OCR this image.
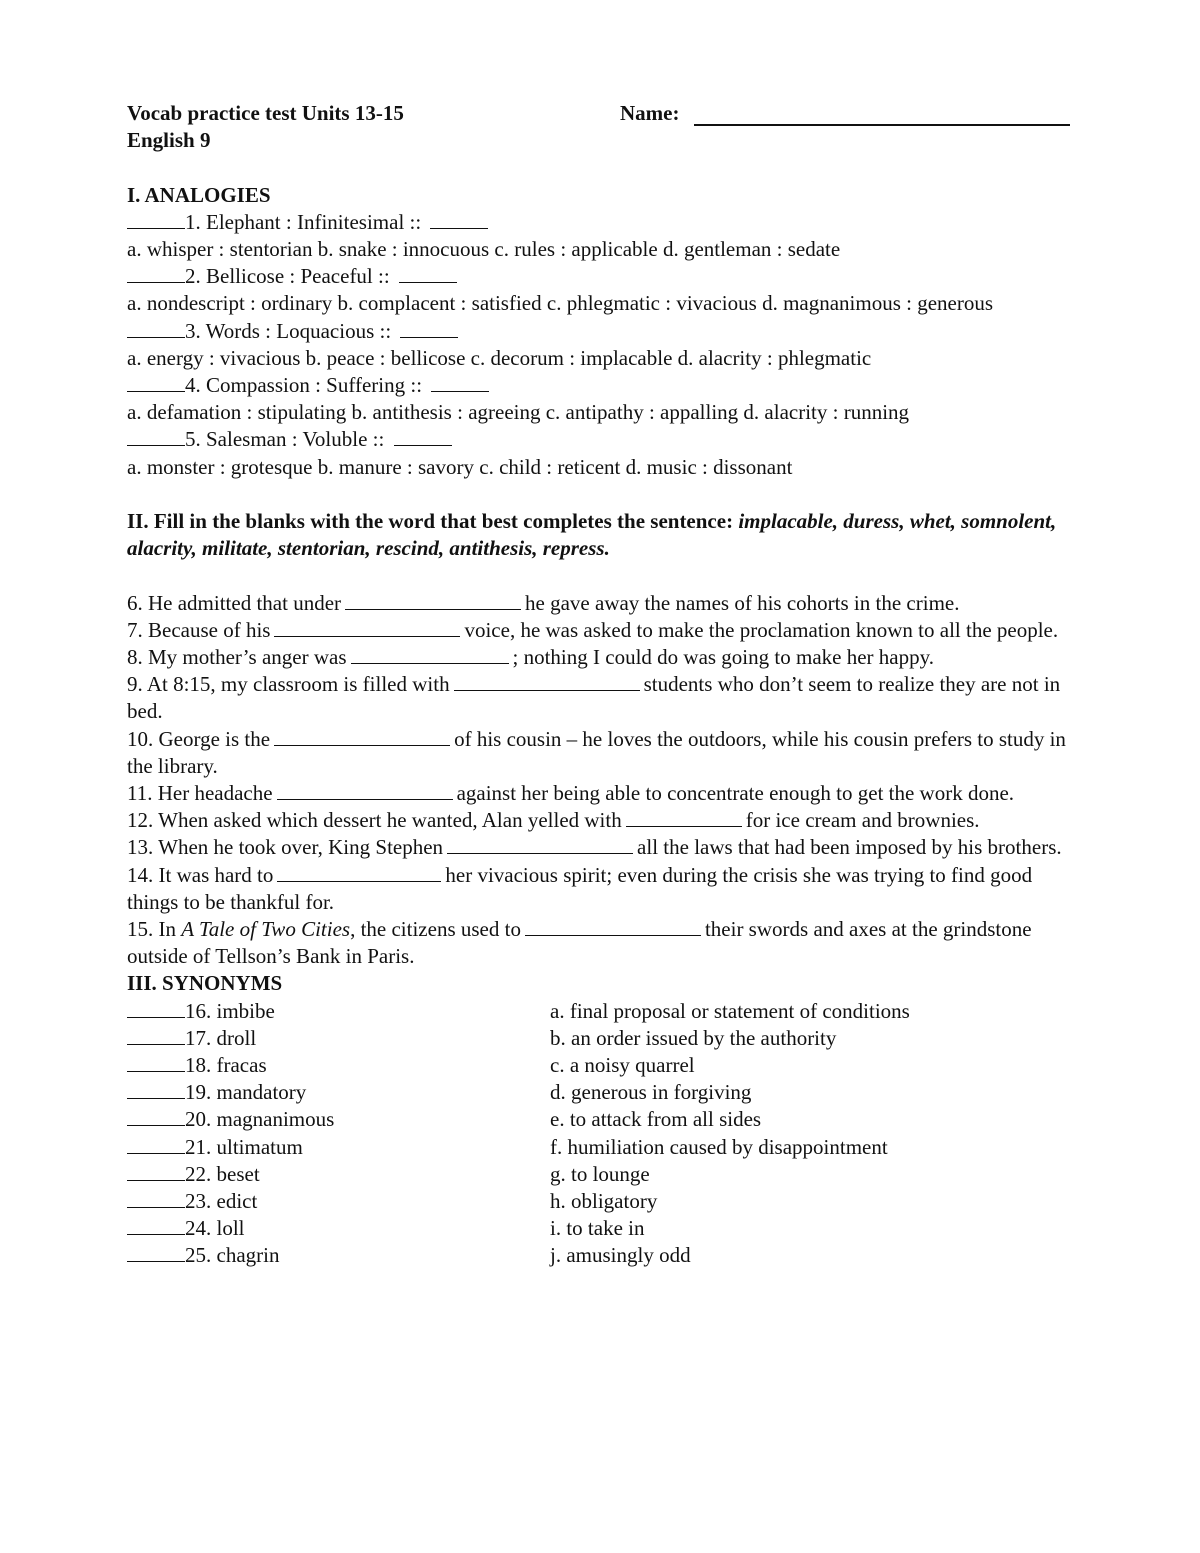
Vocab practice test Units 13-15	Name:
English 9
I. ANALOGIES
1. Elephant : Infinitesimal ::
a. whisper : stentorian b. snake : innocuous c. rules : applicable d. gentleman : sedate
2. Bellicose : Peaceful ::
a. nondescript : ordinary b. complacent : satisfied c. phlegmatic : vivacious d. magnanimous : generous
3. Words : Loquacious ::
a. energy : vivacious b. peace : bellicose c. decorum : implacable d. alacrity : phlegmatic
4. Compassion : Suffering ::
a. defamation : stipulating b. antithesis : agreeing c. antipathy : appalling d. alacrity : running
5. Salesman : Voluble ::
a. monster : grotesque b. manure : savory c. child : reticent d. music : dissonant
II. Fill in the blanks with the word that best completes the sentence: implacable, duress, whet, somnolent, alacrity, militate, stentorian, rescind, antithesis, repress.
6. He admitted that under	he gave away the names of his cohorts in the crime.
7. Because of his	voice, he was asked to make the proclamation known to all the people.
8. My mother’s anger was	; nothing I could do was going to make her happy.
9. At 8:15, my classroom is filled with	students who don’t seem to realize they are not in bed.
10. George is the	of his cousin – he loves the outdoors, while his cousin prefers to study in the library.
11. Her headache	against her being able to concentrate enough to get the work done.
12. When asked which dessert he wanted, Alan yelled with	for ice cream and brownies.
13. When he took over, King Stephen	all the laws that had been imposed by his brothers.
14. It was hard to	her vivacious spirit; even during the crisis she was trying to find good things to be thankful for.
15. In A Tale of Two Cities, the citizens used to	their swords and axes at the grindstone outside of Tellson’s Bank in Paris.
III. SYNONYMS
16. imbibe	a. final proposal or statement of conditions
17. droll	b. an order issued by the authority
18. fracas	c. a noisy quarrel
19. mandatory	d. generous in forgiving
20. magnanimous	e. to attack from all sides
21. ultimatum	f. humiliation caused by disappointment
22. beset	g. to lounge
23. edict	h. obligatory
24. loll	i. to take in
25. chagrin	j. amusingly odd
